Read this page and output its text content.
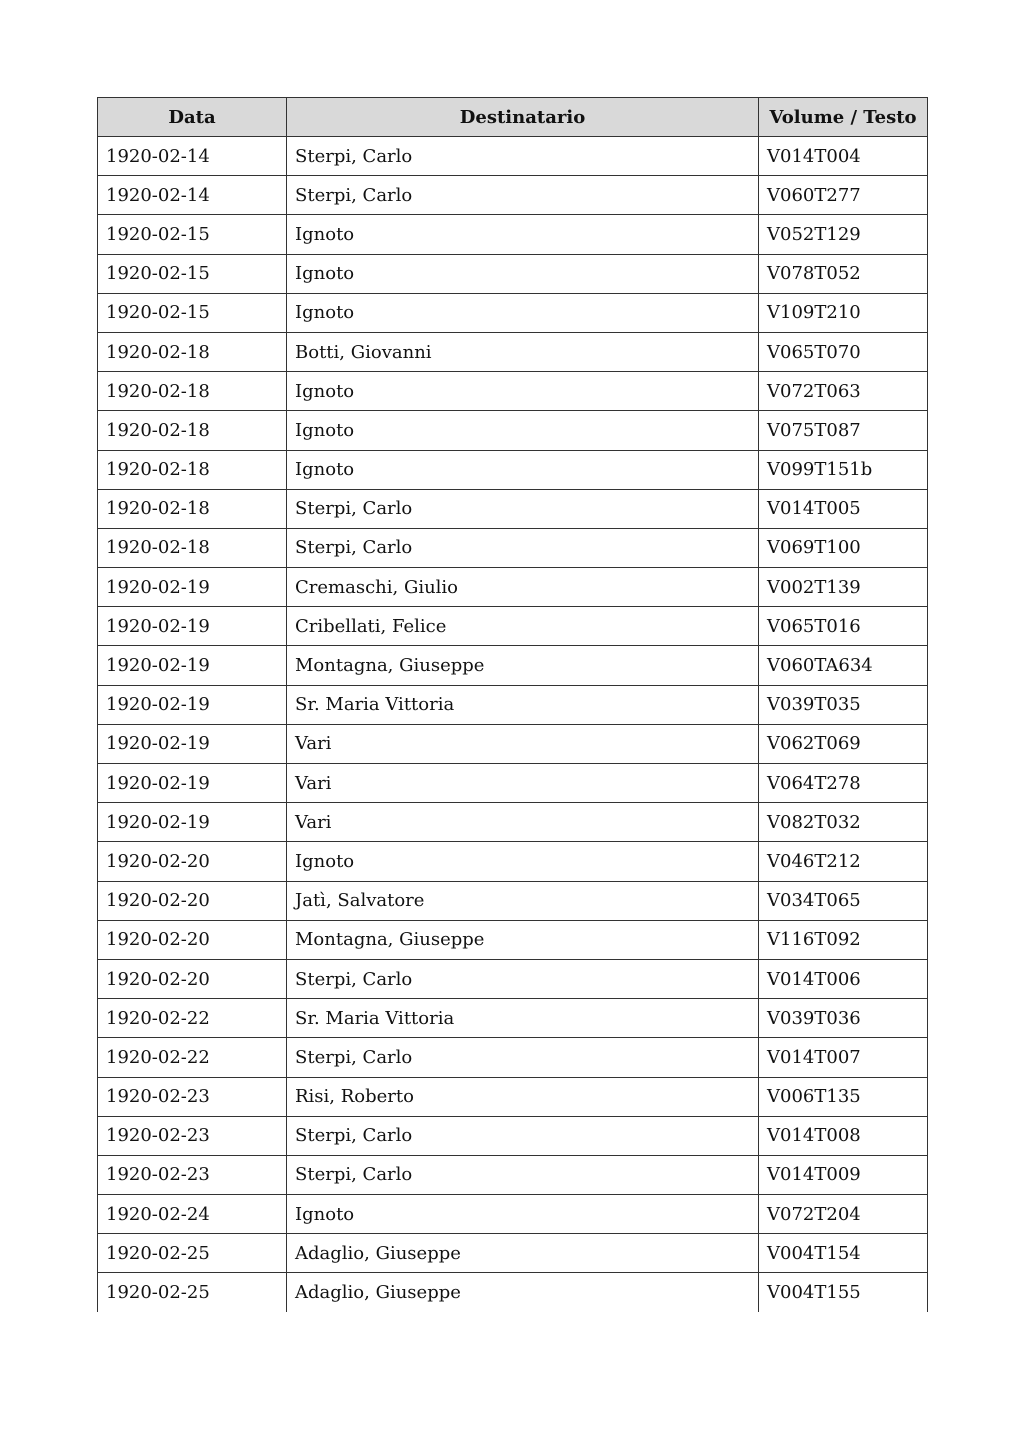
Data	Destinatario	Volume / Testo
1920-02-14	Sterpi, Carlo	V014T004
1920-02-14	Sterpi, Carlo	V060T277
1920-02-15	Ignoto	V052T129
1920-02-15	Ignoto	V078T052
1920-02-15	Ignoto	V109T210
1920-02-18	Botti, Giovanni	V065T070
1920-02-18	Ignoto	V072T063
1920-02-18	Ignoto	V075T087
1920-02-18	Ignoto	V099T151b
1920-02-18	Sterpi, Carlo	V014T005
1920-02-18	Sterpi, Carlo	V069T100
1920-02-19	Cremaschi, Giulio	V002T139
1920-02-19	Cribellati, Felice	V065T016
1920-02-19	Montagna, Giuseppe	V060TA634
1920-02-19	Sr. Maria Vittoria	V039T035
1920-02-19	Vari	V062T069
1920-02-19	Vari	V064T278
1920-02-19	Vari	V082T032
1920-02-20	Ignoto	V046T212
1920-02-20	Jatì, Salvatore	V034T065
1920-02-20	Montagna, Giuseppe	V116T092
1920-02-20	Sterpi, Carlo	V014T006
1920-02-22	Sr. Maria Vittoria	V039T036
1920-02-22	Sterpi, Carlo	V014T007
1920-02-23	Risi, Roberto	V006T135
1920-02-23	Sterpi, Carlo	V014T008
1920-02-23	Sterpi, Carlo	V014T009
1920-02-24	Ignoto	V072T204
1920-02-25	Adaglio, Giuseppe	V004T154
1920-02-25	Adaglio, Giuseppe	V004T155
